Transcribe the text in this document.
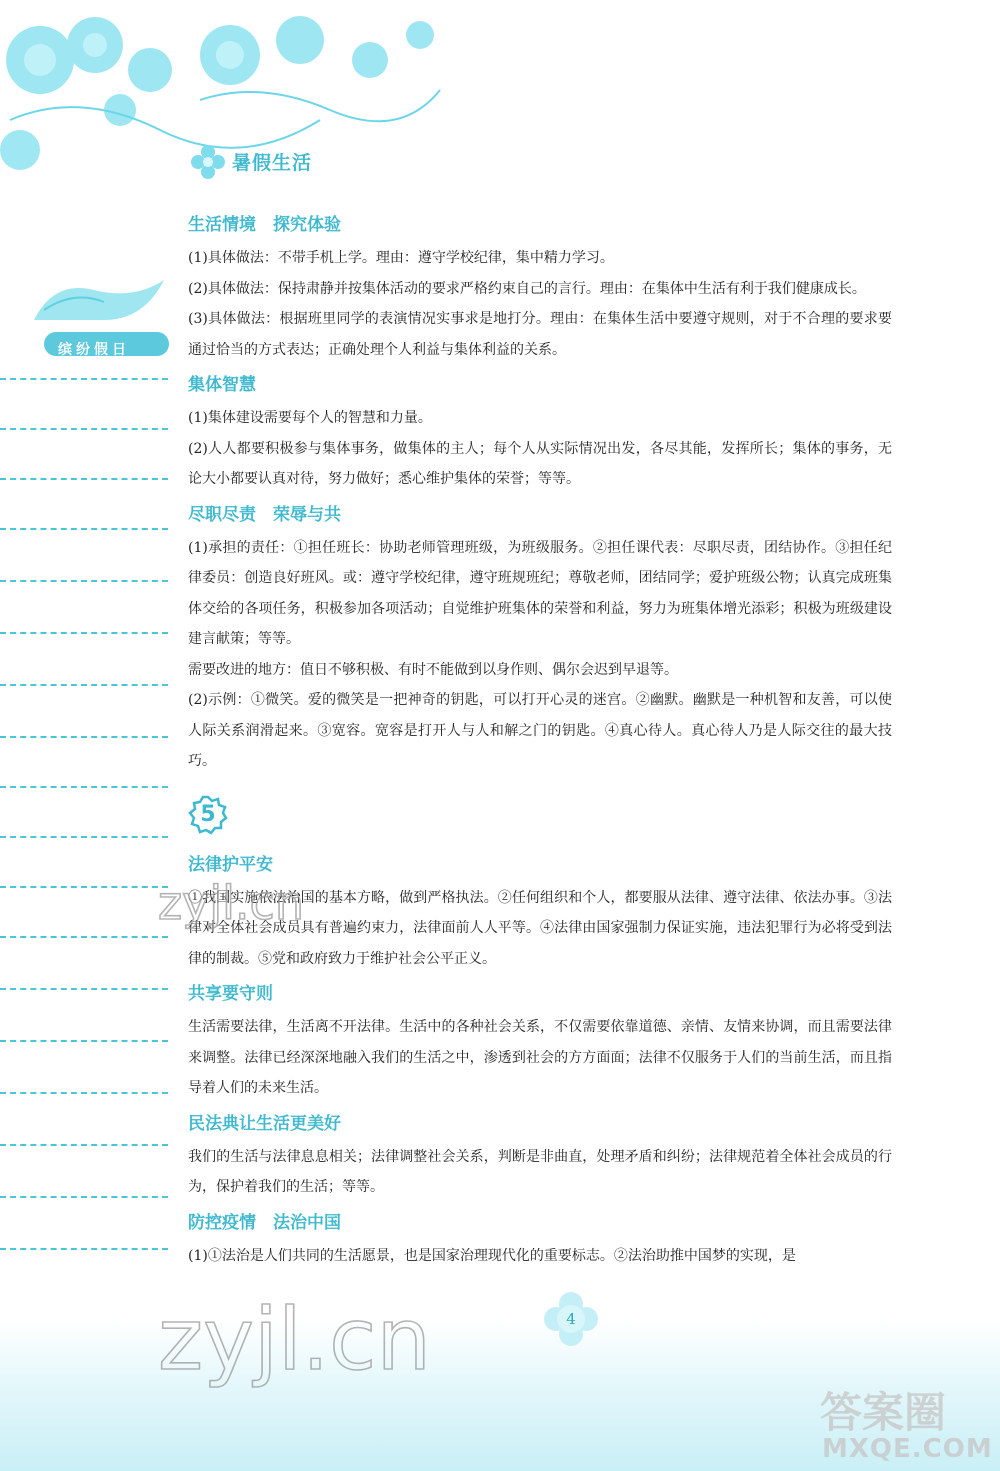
暑假生活
缤纷假日
生活情境　探究体验

(1)具体做法：不带手机上学。理由：遵守学校纪律，集中精力学习。

(2)具体做法：保持肃静并按集体活动的要求严格约束自己的言行。理由：在集体中生活有利于我们健康成长。

(3)具体做法：根据班里同学的表演情况实事求是地打分。理由：在集体生活中要遵守规则，对于不合理的要求要通过恰当的方式表达；正确处理个人利益与集体利益的关系。

集体智慧

(1)集体建设需要每个人的智慧和力量。

(2)人人都要积极参与集体事务，做集体的主人；每个人从实际情况出发，各尽其能，发挥所长；集体的事务，无论大小都要认真对待，努力做好；悉心维护集体的荣誉；等等。

尽职尽责　荣辱与共

(1)承担的责任：①担任班长：协助老师管理班级，为班级服务。②担任课代表：尽职尽责，团结协作。③担任纪律委员：创造良好班风。或：遵守学校纪律，遵守班规班纪；尊敬老师，团结同学；爱护班级公物；认真完成班集体交给的各项任务，积极参加各项活动；自觉维护班集体的荣誉和利益，努力为班集体增光添彩；积极为班级建设建言献策；等等。

需要改进的地方：值日不够积极、有时不能做到以身作则、偶尔会迟到早退等。

(2)示例：①微笑。爱的微笑是一把神奇的钥匙，可以打开心灵的迷宫。②幽默。幽默是一种机智和友善，可以使人际关系润滑起来。③宽容。宽容是打开人与人和解之门的钥匙。④真心待人。真心待人乃是人际交往的最大技巧。

5
法律护平安

①我国实施依法治国的基本方略，做到严格执法。②任何组织和个人，都要服从法律、遵守法律、依法办事。③法律对全体社会成员具有普遍约束力，法律面前人人平等。④法律由国家强制力保证实施，违法犯罪行为必将受到法律的制裁。⑤党和政府致力于维护社会公平正义。

共享要守则

生活需要法律，生活离不开法律。生活中的各种社会关系，不仅需要依靠道德、亲情、友情来协调，而且需要法律来调整。法律已经深深地融入我们的生活之中，渗透到社会的方方面面；法律不仅服务于人们的当前生活，而且指导着人们的未来生活。

民法典让生活更美好

我们的生活与法律息息相关；法律调整社会关系，判断是非曲直，处理矛盾和纠纷；法律规范着全体社会成员的行为，保护着我们的生活；等等。

防控疫情　法治中国

(1)①法治是人们共同的生活愿景，也是国家治理现代化的重要标志。②法治助推中国梦的实现，是

4
zyjl.cn
zyjl.cn
答案圈
MXQE.COM
